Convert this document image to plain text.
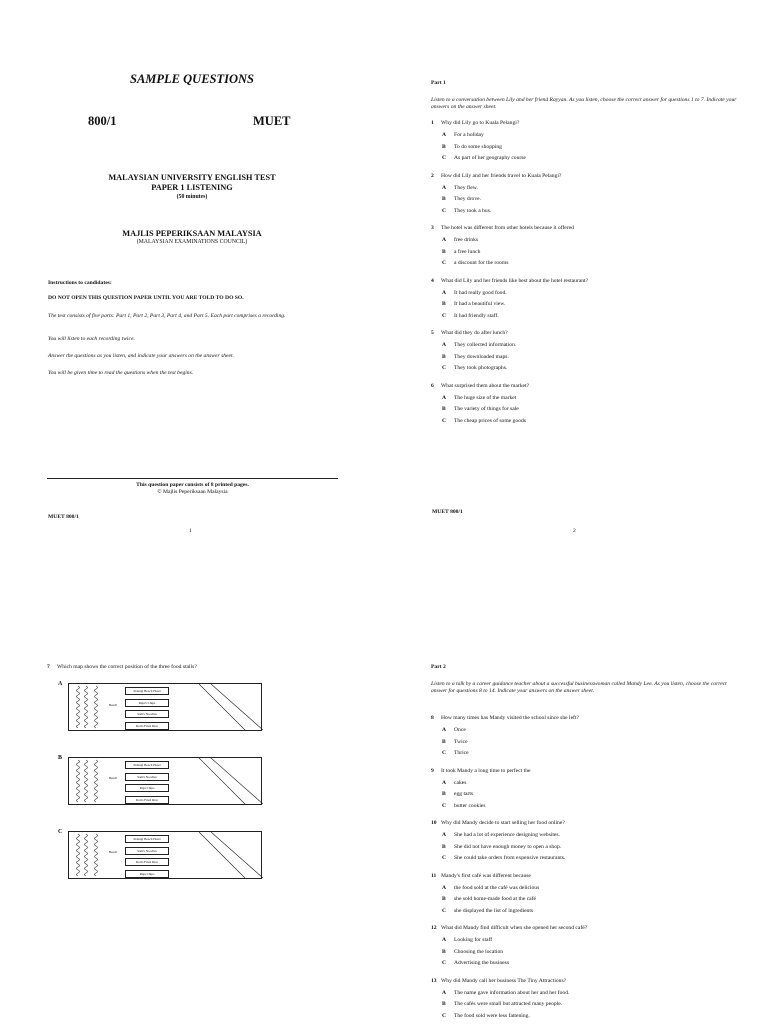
SAMPLE QUESTIONS
800/1	MUET
MALAYSIAN UNIVERSITY ENGLISH TEST
PAPER 1 LISTENING
(50 minutes)
MAJLIS PEPERIKSAAN MALAYSIA
(MALAYSIAN EXAMINATIONS COUNCIL)
Instructions to candidates:
DO NOT OPEN THIS QUESTION PAPER UNTIL YOU ARE TOLD TO DO SO.
The test consists of five parts: Part 1, Part 2, Part 3, Part 4, and Part 5. Each part comprises a recording.
You will listen to each recording twice.
Answer the questions as you listen, and indicate your answers on the answer sheet.
You will be given time to read the questions when the test begins.
This question paper consists of 8 printed pages.
© Majlis Peperiksaan Malaysia
MUET 800/1
1
Part 1
Listen to a conversation between Lily and her friend Rayyan. As you listen, choose the correct answer for questions 1 to 7. Indicate your answers on the answer sheet.
1 Why did Lily go to Kuala Pelangi?
A For a holiday
B To do some shopping
C As part of her geography course
2 How did Lily and her friends travel to Kuala Pelangi?
A They flew.
B They drove.
C They took a bus.
3 The hotel was different from other hotels because it offered
A free drinks
B a free lunch
C a discount for the rooms
4 What did Lily and her friends like best about the hotel restaurant?
A It had really good food.
B It had a beautiful view.
C It had friendly staff.
5 What did they do after lunch?
A They collected information.
B They downloaded maps.
C They took photographs.
6 What surprised them about the market?
A The huge size of the market
B The variety of things for sale
C The cheap prices of some goods
MUET 800/1
2
7 Which map shows the correct position of the three food stalls?
A
Beach
Pelangi Beach Hotel
Raju's Chips
Sam's Noodles
Ron's Fried Rice
B
Beach
Pelangi Beach Hotel
Sam's Noodles
Raju Chips
Ron's Fried Rice
C
Beach
Pelangi Beach Hotel
Sam's Noodles
Ron's Fried Rice
Raju Chips
Part 2
Listen to a talk by a career guidance teacher about a successful businesswoman called Mandy Lee. As you listen, choose the correct answer for questions 8 to 14. Indicate your answers on the answer sheet.
8 How many times has Mandy visited the school since she left?
A Once
B Twice
C Thrice
9 It took Mandy a long time to perfect the
A cakes
B egg tarts
C butter cookies
10 Why did Mandy decide to start selling her food online?
A She had a lot of experience designing websites.
B She did not have enough money to open a shop.
C She could take orders from expensive restaurants.
11 Mandy's first café was different because
A the food sold at the café was delicious
B she sold home-made food at the café
C she displayed the list of ingredients
12 What did Mandy find difficult when she opened her second café?
A Looking for staff
B Choosing the location
C Advertising the business
13 Why did Mandy call her business The Tiny Attractions?
A The name gave information about her and her food.
B The cafés were small but attracted many people.
C The food sold were less fattening.
